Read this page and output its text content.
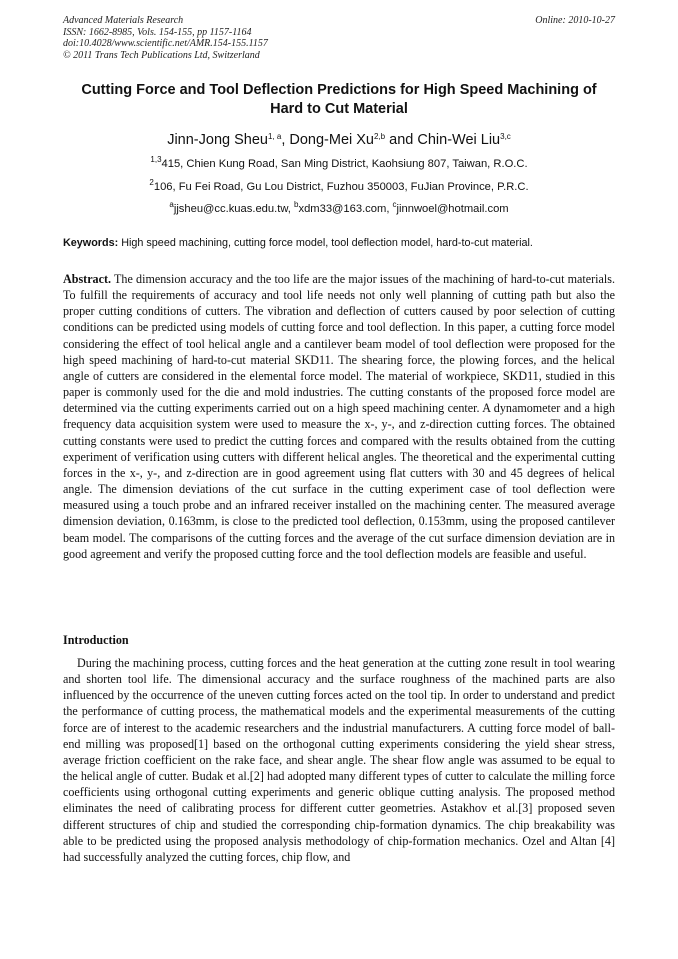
Advanced Materials Research
ISSN: 1662-8985, Vols. 154-155, pp 1157-1164
doi:10.4028/www.scientific.net/AMR.154-155.1157
© 2011 Trans Tech Publications Ltd, Switzerland
Online: 2010-10-27
Cutting Force and Tool Deflection Predictions for High Speed Machining of Hard to Cut Material
Jinn-Jong Sheu$^{1, a}$, Dong-Mei Xu$^{2,b}$ and Chin-Wei Liu$^{3,c}$
$^{1,3}$415, Chien Kung Road, San Ming District, Kaohsiung 807, Taiwan, R.O.C.
$^2$106, Fu Fei Road, Gu Lou District, Fuzhou 350003, FuJian Province, P.R.C.
$^a$jjsheu@cc.kuas.edu.tw, $^b$xdm33@163.com, $^c$jinnwoel@hotmail.com
Keywords: High speed machining, cutting force model, tool deflection model, hard-to-cut material.
Abstract. The dimension accuracy and the too life are the major issues of the machining of hard-to-cut materials. To fulfill the requirements of accuracy and tool life needs not only well planning of cutting path but also the proper cutting conditions of cutters. The vibration and deflection of cutters caused by poor selection of cutting conditions can be predicted using models of cutting force and tool deflection. In this paper, a cutting force model considering the effect of tool helical angle and a cantilever beam model of tool deflection were proposed for the high speed machining of hard-to-cut material SKD11. The shearing force, the plowing forces, and the helical angle of cutters are considered in the elemental force model. The material of workpiece, SKD11, studied in this paper is commonly used for the die and mold industries. The cutting constants of the proposed force model are determined via the cutting experiments carried out on a high speed machining center. A dynamometer and a high frequency data acquisition system were used to measure the x-, y-, and z-direction cutting forces. The obtained cutting constants were used to predict the cutting forces and compared with the results obtained from the cutting experiment of verification using cutters with different helical angles. The theoretical and the experimental cutting forces in the x-, y-, and z-direction are in good agreement using flat cutters with 30 and 45 degrees of helical angle. The dimension deviations of the cut surface in the cutting experiment case of tool deflection were measured using a touch probe and an infrared receiver installed on the machining center. The measured average dimension deviation, 0.163mm, is close to the predicted tool deflection, 0.153mm, using the proposed cantilever beam model. The comparisons of the cutting forces and the average of the cut surface dimension deviation are in good agreement and verify the proposed cutting force and the tool deflection models are feasible and useful.
Introduction
During the machining process, cutting forces and the heat generation at the cutting zone result in tool wearing and shorten tool life. The dimensional accuracy and the surface roughness of the machined parts are also influenced by the occurrence of the uneven cutting forces acted on the tool tip. In order to understand and predict the performance of cutting process, the mathematical models and the experimental measurements of the cutting force are of interest to the academic researchers and the industrial manufacturers. A cutting force model of ball-end milling was proposed[1] based on the orthogonal cutting experiments considering the yield shear stress, average friction coefficient on the rake face, and shear angle. The shear flow angle was assumed to be equal to the helical angle of cutter. Budak et al.[2] had adopted many different types of cutter to calculate the milling force coefficients using orthogonal cutting experiments and generic oblique cutting analysis. The proposed method eliminates the need of calibrating process for different cutter geometries. Astakhov et al.[3] proposed seven different structures of chip and studied the corresponding chip-formation dynamics. The chip breakability was able to be predicted using the proposed analysis methodology of chip-formation mechanics. Ozel and Altan [4] had successfully analyzed the cutting forces, chip flow, and
